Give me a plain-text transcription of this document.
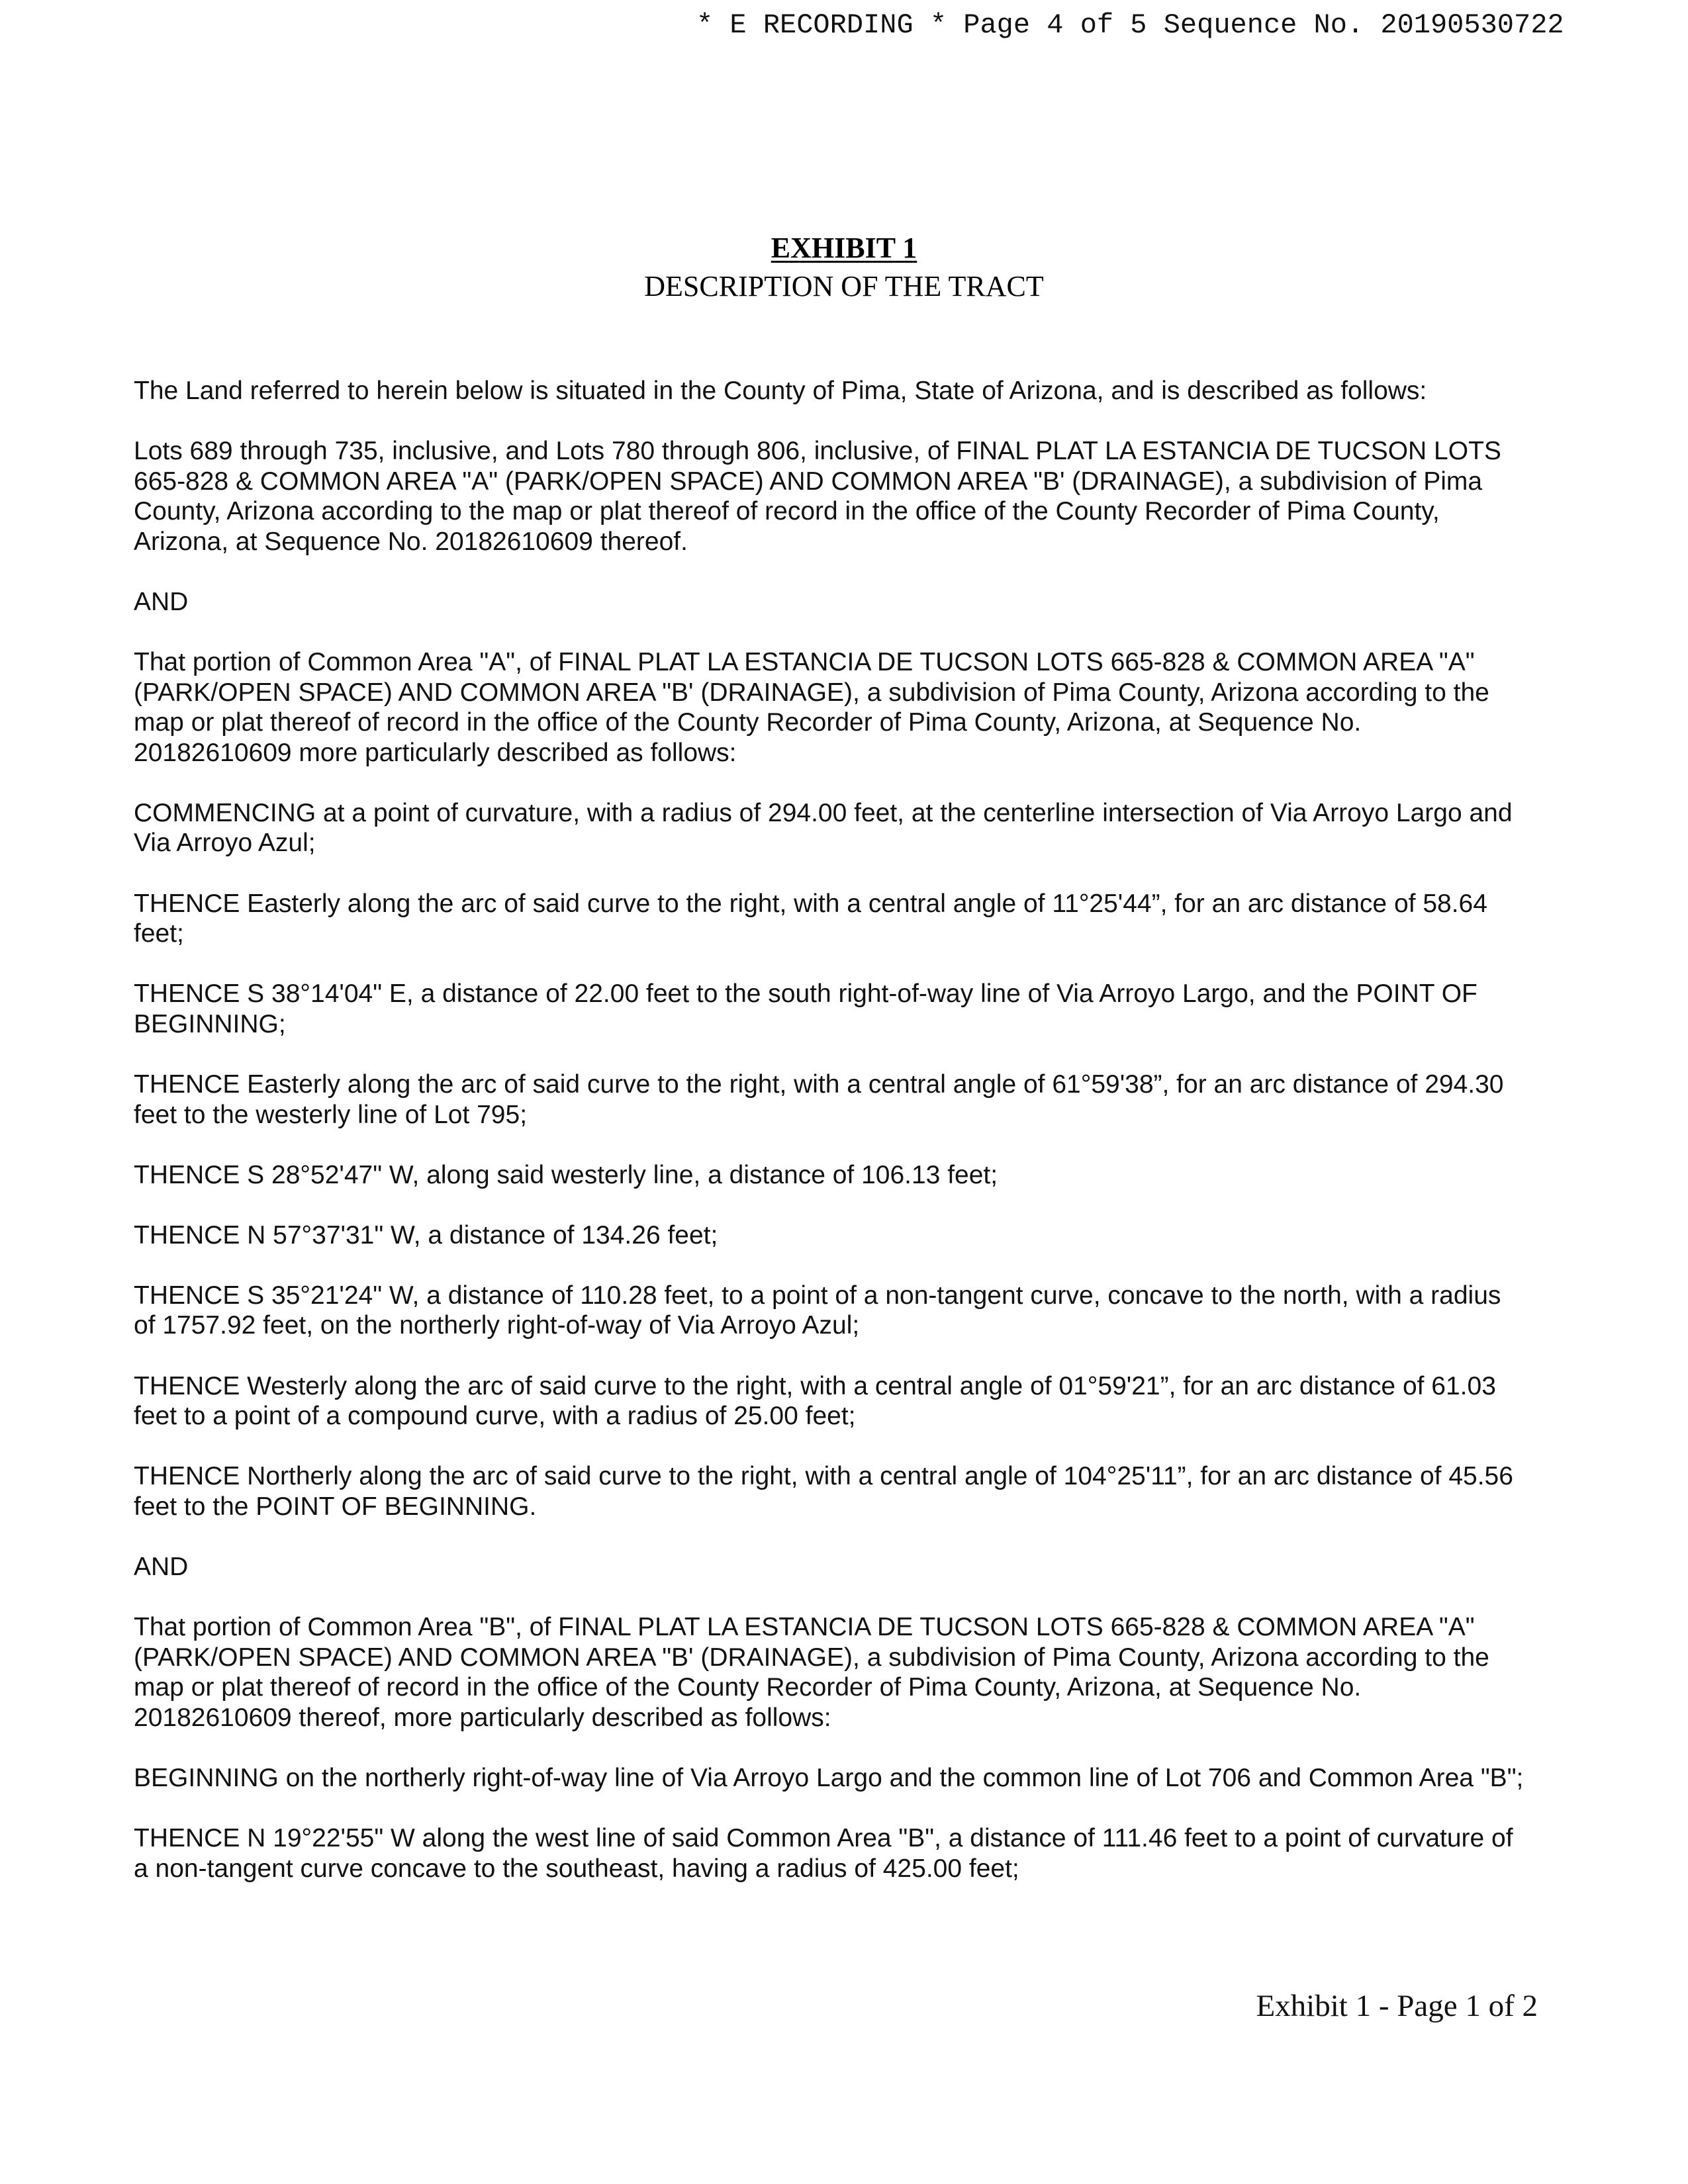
* E RECORDING * Page 4 of 5 Sequence No. 20190530722
EXHIBIT 1
DESCRIPTION OF THE TRACT
The Land referred to herein below is situated in the County of Pima, State of Arizona, and is described as follows:
Lots 689 through 735, inclusive, and Lots 780 through 806, inclusive, of FINAL PLAT LA ESTANCIA DE TUCSON LOTS
665-828 & COMMON AREA "A" (PARK/OPEN SPACE) AND COMMON AREA "B' (DRAINAGE), a subdivision of Pima
County, Arizona according to the map or plat thereof of record in the office of the County Recorder of Pima County,
Arizona, at Sequence No. 20182610609 thereof.
AND
That portion of Common Area "A", of FINAL PLAT LA ESTANCIA DE TUCSON LOTS 665-828 & COMMON AREA "A"
(PARK/OPEN SPACE) AND COMMON AREA "B' (DRAINAGE), a subdivision of Pima County, Arizona according to the
map or plat thereof of record in the office of the County Recorder of Pima County, Arizona, at Sequence No.
20182610609 more particularly described as follows:
COMMENCING at a point of curvature, with a radius of 294.00 feet, at the centerline intersection of Via Arroyo Largo and
Via Arroyo Azul;
THENCE Easterly along the arc of said curve to the right, with a central angle of 11°25'44”, for an arc distance of 58.64
feet;
THENCE S 38°14'04" E, a distance of 22.00 feet to the south right-of-way line of Via Arroyo Largo, and the POINT OF
BEGINNING;
THENCE Easterly along the arc of said curve to the right, with a central angle of 61°59'38”, for an arc distance of 294.30
feet to the westerly line of Lot 795;
THENCE S 28°52'47" W, along said westerly line, a distance of 106.13 feet;
THENCE N 57°37'31" W, a distance of 134.26 feet;
THENCE S 35°21'24" W, a distance of 110.28 feet, to a point of a non-tangent curve, concave to the north, with a radius
of 1757.92 feet, on the northerly right-of-way of Via Arroyo Azul;
THENCE Westerly along the arc of said curve to the right, with a central angle of 01°59'21”, for an arc distance of 61.03
feet to a point of a compound curve, with a radius of 25.00 feet;
THENCE Northerly along the arc of said curve to the right, with a central angle of 104°25'11”, for an arc distance of 45.56
feet to the POINT OF BEGINNING.
AND
That portion of Common Area "B", of FINAL PLAT LA ESTANCIA DE TUCSON LOTS 665-828 & COMMON AREA "A"
(PARK/OPEN SPACE) AND COMMON AREA "B' (DRAINAGE), a subdivision of Pima County, Arizona according to the
map or plat thereof of record in the office of the County Recorder of Pima County, Arizona, at Sequence No.
20182610609 thereof, more particularly described as follows:
BEGINNING on the northerly right-of-way line of Via Arroyo Largo and the common line of Lot 706 and Common Area "B";
THENCE N 19°22'55" W along the west line of said Common Area "B", a distance of 111.46 feet to a point of curvature of
a non-tangent curve concave to the southeast, having a radius of 425.00 feet;
Exhibit 1 - Page 1 of 2
